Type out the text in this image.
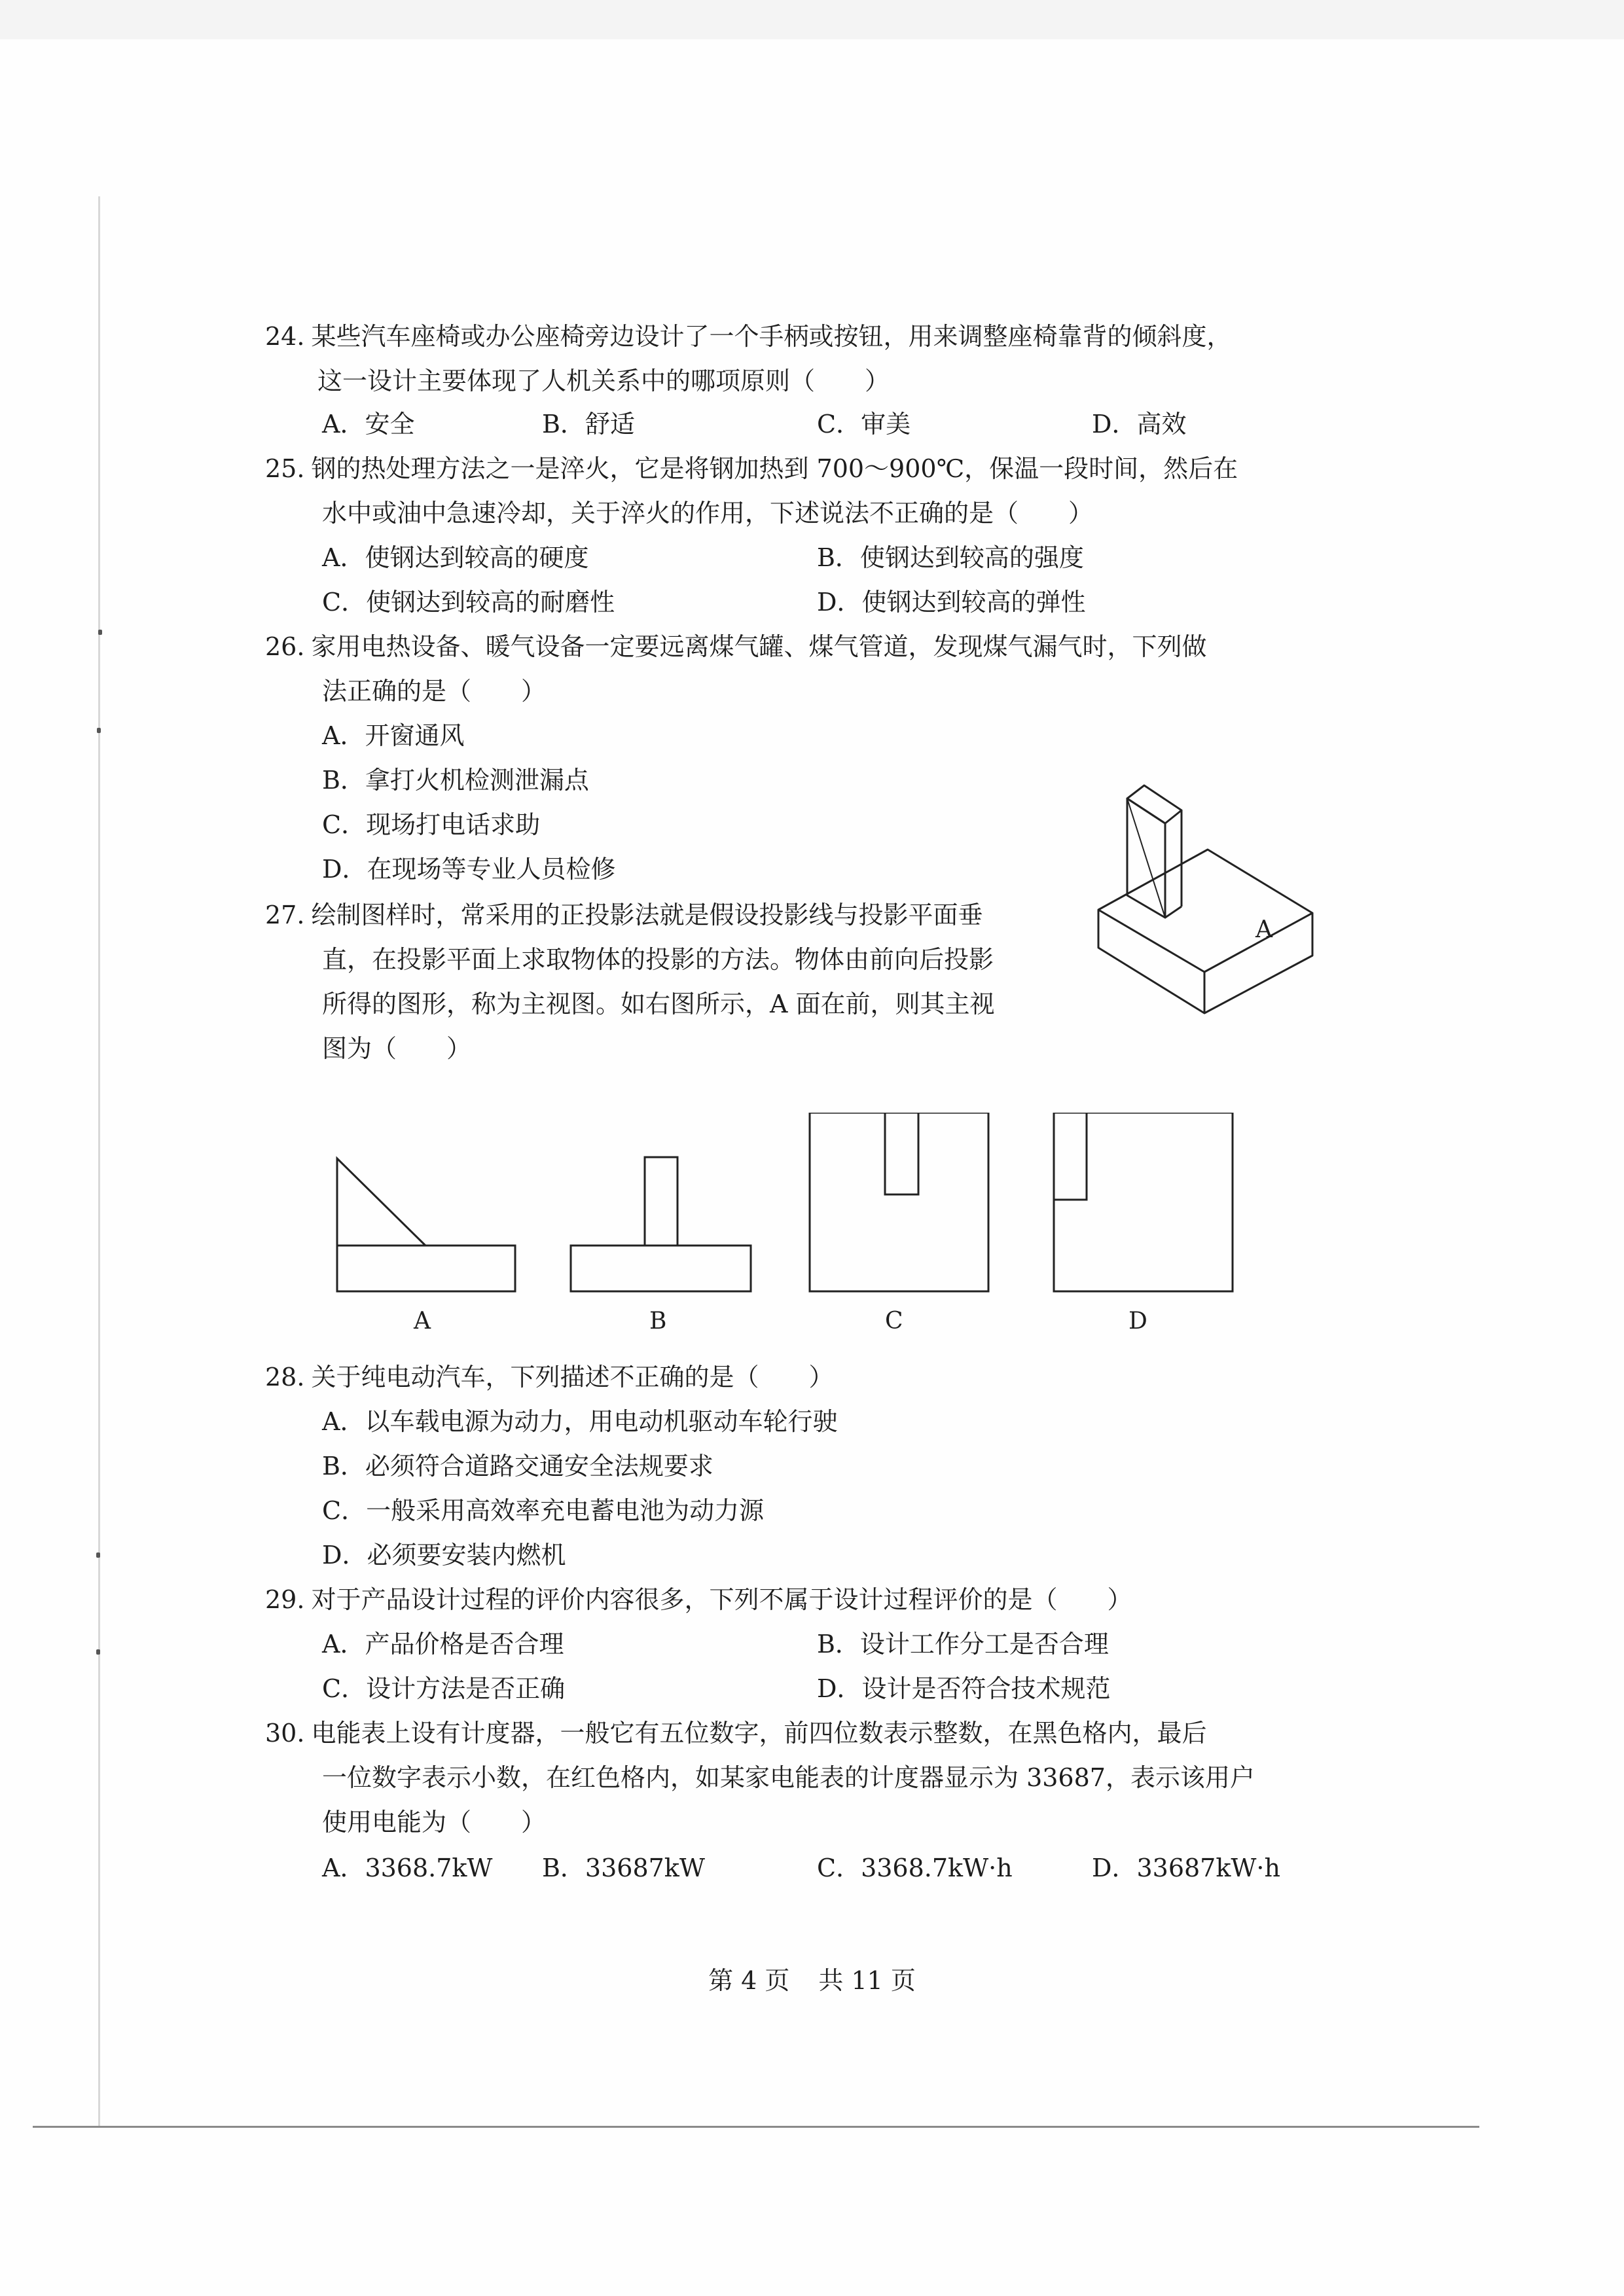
24. 某些汽车座椅或办公座椅旁边设计了一个手柄或按钮，用来调整座椅靠背的倾斜度，
这一设计主要体现了人机关系中的哪项原则（　　）
A．安全	B．舒适	C．审美	D．高效
25. 钢的热处理方法之一是淬火，它是将钢加热到 700～900℃，保温一段时间，然后在
水中或油中急速冷却，关于淬火的作用，下述说法不正确的是（　　）
A．使钢达到较高的硬度	B．使钢达到较高的强度
C．使钢达到较高的耐磨性	D．使钢达到较高的弹性
26. 家用电热设备、暖气设备一定要远离煤气罐、煤气管道，发现煤气漏气时，下列做
法正确的是（　　）
A．开窗通风
B．拿打火机检测泄漏点
C．现场打电话求助
D．在现场等专业人员检修
27. 绘制图样时，常采用的正投影法就是假设投影线与投影平面垂
直，在投影平面上求取物体的投影的方法。物体由前向后投影
所得的图形，称为主视图。如右图所示，A 面在前，则其主视
图为（　　）
A
A	B	C	D
28. 关于纯电动汽车，下列描述不正确的是（　　）
A．以车载电源为动力，用电动机驱动车轮行驶
B．必须符合道路交通安全法规要求
C．一般采用高效率充电蓄电池为动力源
D．必须要安装内燃机
29. 对于产品设计过程的评价内容很多，下列不属于设计过程评价的是（　　）
A．产品价格是否合理	B．设计工作分工是否合理
C．设计方法是否正确	D．设计是否符合技术规范
30. 电能表上设有计度器，一般它有五位数字，前四位数表示整数，在黑色格内，最后
一位数字表示小数，在红色格内，如某家电能表的计度器显示为 33687，表示该用户
使用电能为（　　）
A．3368.7kW B．33687kW	C．3368.7kW·h	D．33687kW·h
第 4 页 共 11 页
